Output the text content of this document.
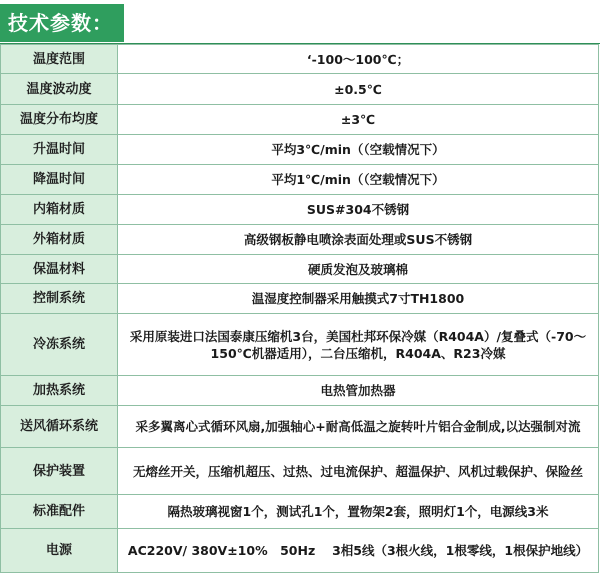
技术参数：
温度范围	‘-100～100℃；
温度波动度	±0.5℃
温度分布均度	±3℃
升温时间	平均3℃/min（（空载情况下）
降温时间	平均1℃/min（（空载情况下）
内箱材质	SUS#304不锈钢
外箱材质	高级钢板静电喷涂表面处理或SUS不锈钢
保温材料	硬质发泡及玻璃棉
控制系统	温湿度控制器采用触摸式7寸TH1800
冷冻系统	采用原装进口法国泰康压缩机3台，美国杜邦环保冷媒（R404A）/复叠式（-70～150℃机器适用），二台压缩机，R404A、R23冷媒
加热系统	电热管加热器
送风循环系统	采多翼离心式循环风扇,加强轴心+耐高低温之旋转叶片铝合金制成,以达强制对流
保护装置	无熔丝开关，压缩机超压、过热、过电流保护、超温保护、风机过载保护、保险丝
标准配件	隔热玻璃视窗1个，测试孔1个，置物架2套，照明灯1个，电源线3米
电源	AC220V/ 380V±10%　50Hz　 3相5线（3根火线，1根零线，1根保护地线）
